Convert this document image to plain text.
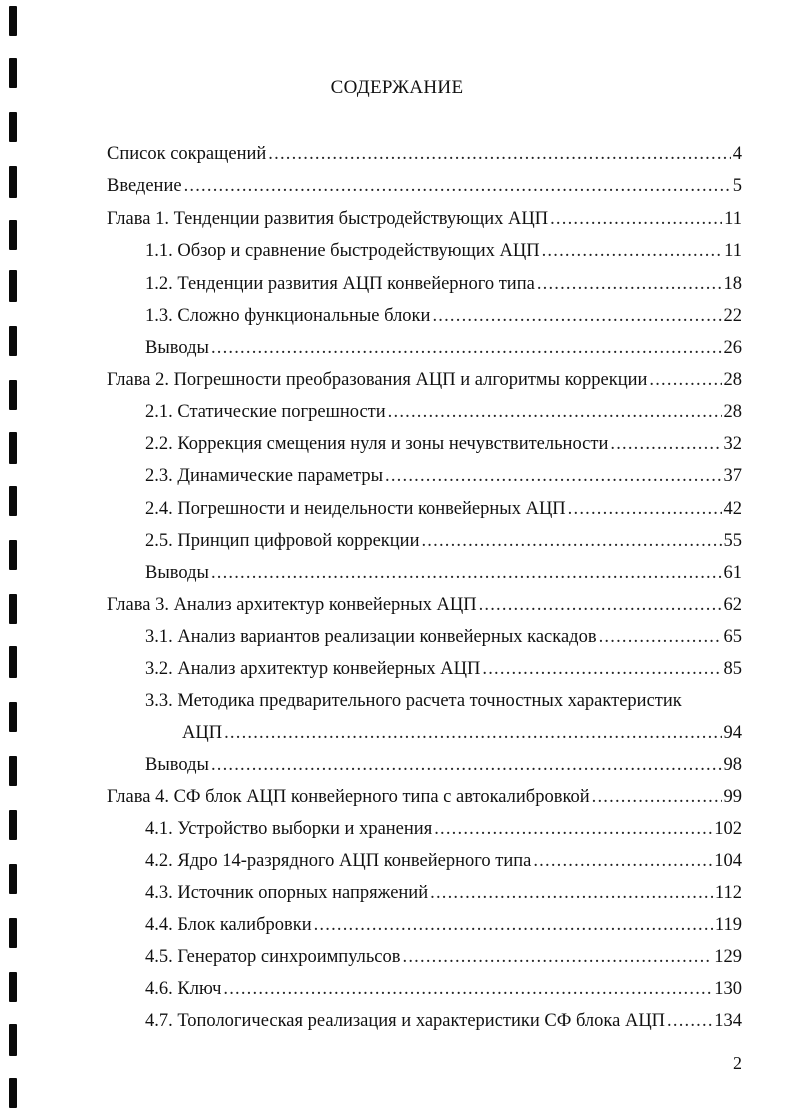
СОДЕРЖАНИЕ
Список сокращений .....	4
Введение .....	5
Глава 1. Тенденции развития быстродействующих АЦП .....	11
1.1. Обзор и сравнение быстродействующих АЦП .....	11
1.2. Тенденции развития АЦП конвейерного типа .....	18
1.3. Сложно функциональные блоки .....	22
Выводы .....	26
Глава 2. Погрешности преобразования АЦП и алгоритмы коррекции .....	28
2.1. Статические погрешности .....	28
2.2. Коррекция смещения нуля и зоны нечувствительности .....	32
2.3. Динамические параметры .....	37
2.4. Погрешности и неидельности конвейерных АЦП .....	42
2.5. Принцип цифровой коррекции .....	55
Выводы .....	61
Глава 3. Анализ архитектур конвейерных АЦП .....	62
3.1. Анализ вариантов реализации конвейерных каскадов .....	65
3.2. Анализ архитектур конвейерных АЦП .....	85
3.3. Методика предварительного расчета точностных характеристик
АЦП .....	94
Выводы .....	98
Глава 4. СФ блок АЦП конвейерного типа с автокалибровкой .....	99
4.1. Устройство выборки и хранения .....	102
4.2. Ядро 14-разрядного АЦП конвейерного типа .....	104
4.3. Источник опорных напряжений .....	112
4.4. Блок калибровки .....	119
4.5. Генератор синхроимпульсов .....	129
4.6. Ключ .....	130
4.7. Топологическая реализация и характеристики СФ блока АЦП .....	134
2
